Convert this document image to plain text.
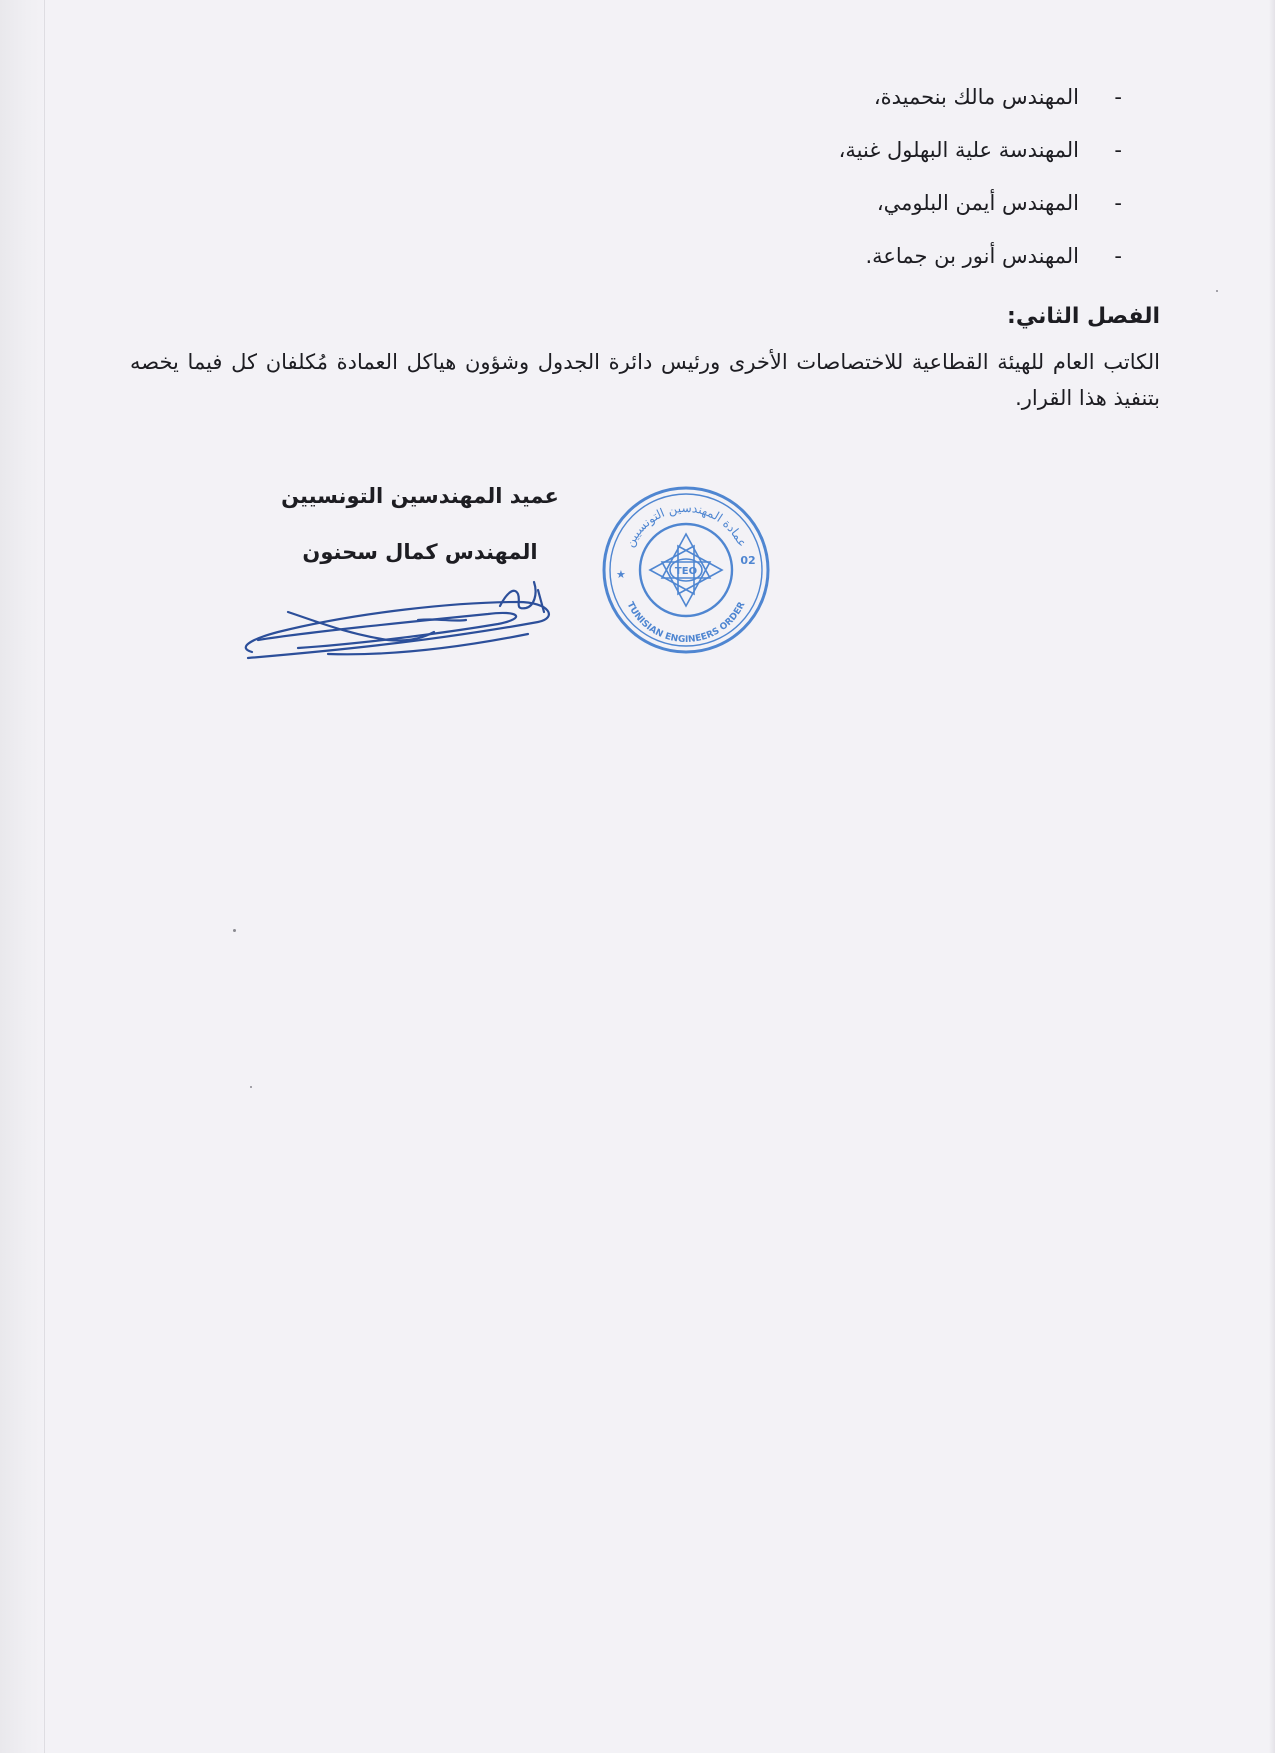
-
المهندس مالك بنحميدة،
-
المهندسة علية البهلول غنية،
-
المهندس أيمن البلومي،
-
المهندس أنور بن جماعة.
الفصل الثاني:

الكاتب العام للهيئة القطاعية للاختصاصات الأخرى ورئيس دائرة الجدول وشؤون هياكل العمادة مُكلفان كل فيما يخصه بتنفيذ هذا القرار.

عميد المهندسين التونسيين
المهندس كمال سحنون
TEO
02
عمادة المهندسين التونسيين
TUNISIAN ENGINEERS ORDER
★
